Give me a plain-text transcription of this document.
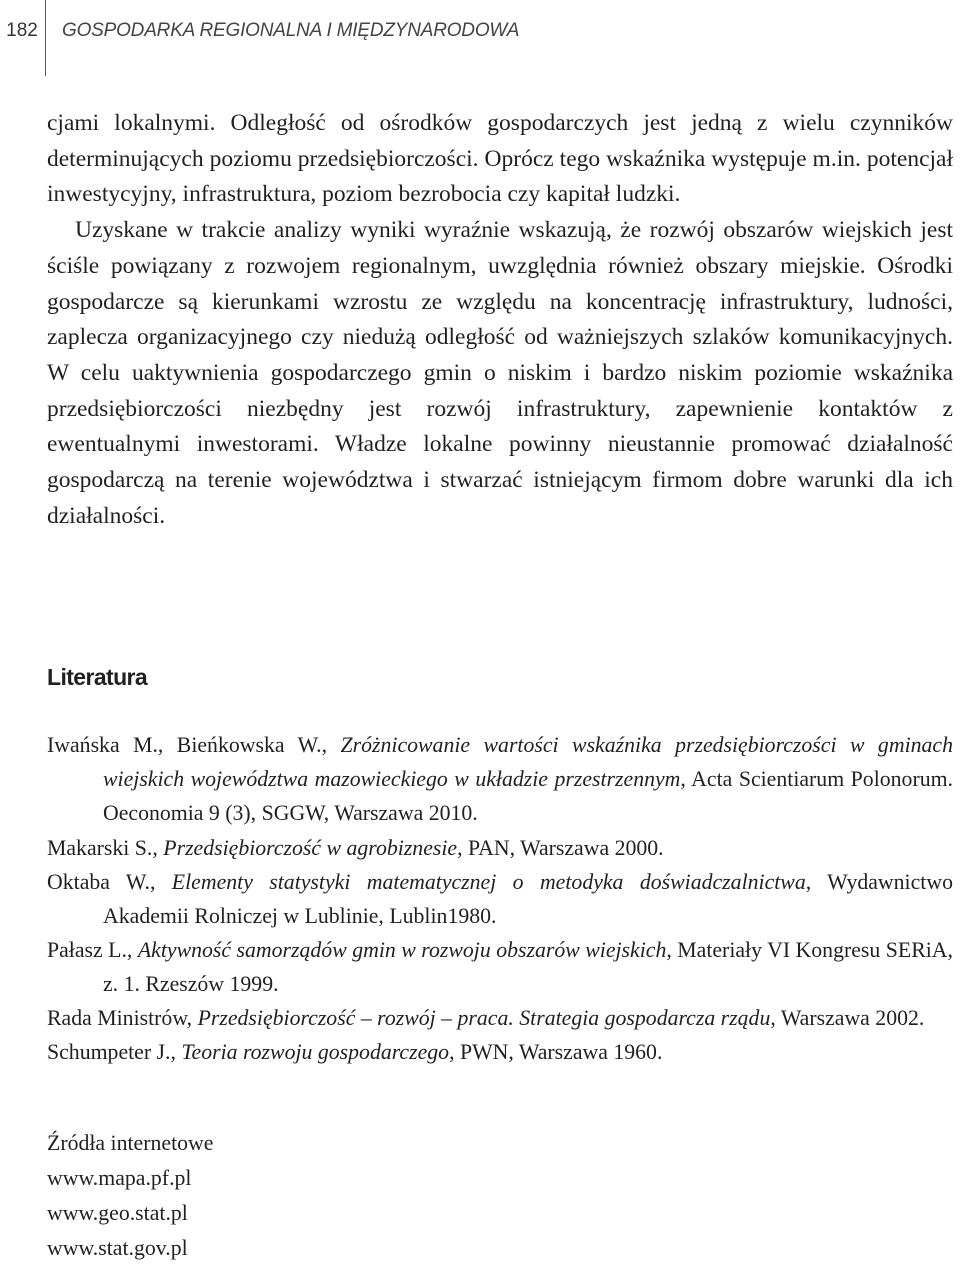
182 GOSPODARKA REGIONALNA I MIĘDZYNARODOWA

cjami lokalnymi. Odległość od ośrodków gospodarczych jest jedną z wielu czynników determinujących poziomu przedsiębiorczości. Oprócz tego wskaźnika występuje m.in. potencjał inwestycyjny, infrastruktura, poziom bezrobocia czy kapitał ludzki.

Uzyskane w trakcie analizy wyniki wyraźnie wskazują, że rozwój obszarów wiejskich jest ściśle powiązany z rozwojem regionalnym, uwzględnia również obszary miejskie. Ośrodki gospodarcze są kierunkami wzrostu ze względu na koncentrację infrastruktury, ludności, zaplecza organizacyjnego czy niedużą odległość od ważniejszych szlaków komunikacyjnych. W celu uaktywnienia gospodarczego gmin o niskim i bardzo niskim poziomie wskaźnika przedsiębiorczości niezbędny jest rozwój infrastruktury, zapewnienie kontaktów z ewentualnymi inwestorami. Władze lokalne powinny nieustannie promować działalność gospodarczą na terenie województwa i stwarzać istniejącym firmom dobre warunki dla ich działalności.

Literatura

Iwańska M., Bieńkowska W., Zróżnicowanie wartości wskaźnika przedsiębiorczości w gminach wiejskich województwa mazowieckiego w układzie przestrzennym, Acta Scientiarum Polonorum. Oeconomia 9 (3), SGGW, Warszawa 2010.

Makarski S., Przedsiębiorczość w agrobiznesie, PAN, Warszawa 2000.

Oktaba W., Elementy statystyki matematycznej o metodyka doświadczalnictwa, Wydawnictwo Akademii Rolniczej w Lublinie, Lublin1980.

Pałasz L., Aktywność samorządów gmin w rozwoju obszarów wiejskich, Materiały VI Kongresu SERiA, z. 1. Rzeszów 1999.

Rada Ministrów, Przedsiębiorczość – rozwój – praca. Strategia gospodarcza rządu, Warszawa 2002.

Schumpeter J., Teoria rozwoju gospodarczego, PWN, Warszawa 1960.

Źródła internetowe
www.mapa.pf.pl
www.geo.stat.pl
www.stat.gov.pl
